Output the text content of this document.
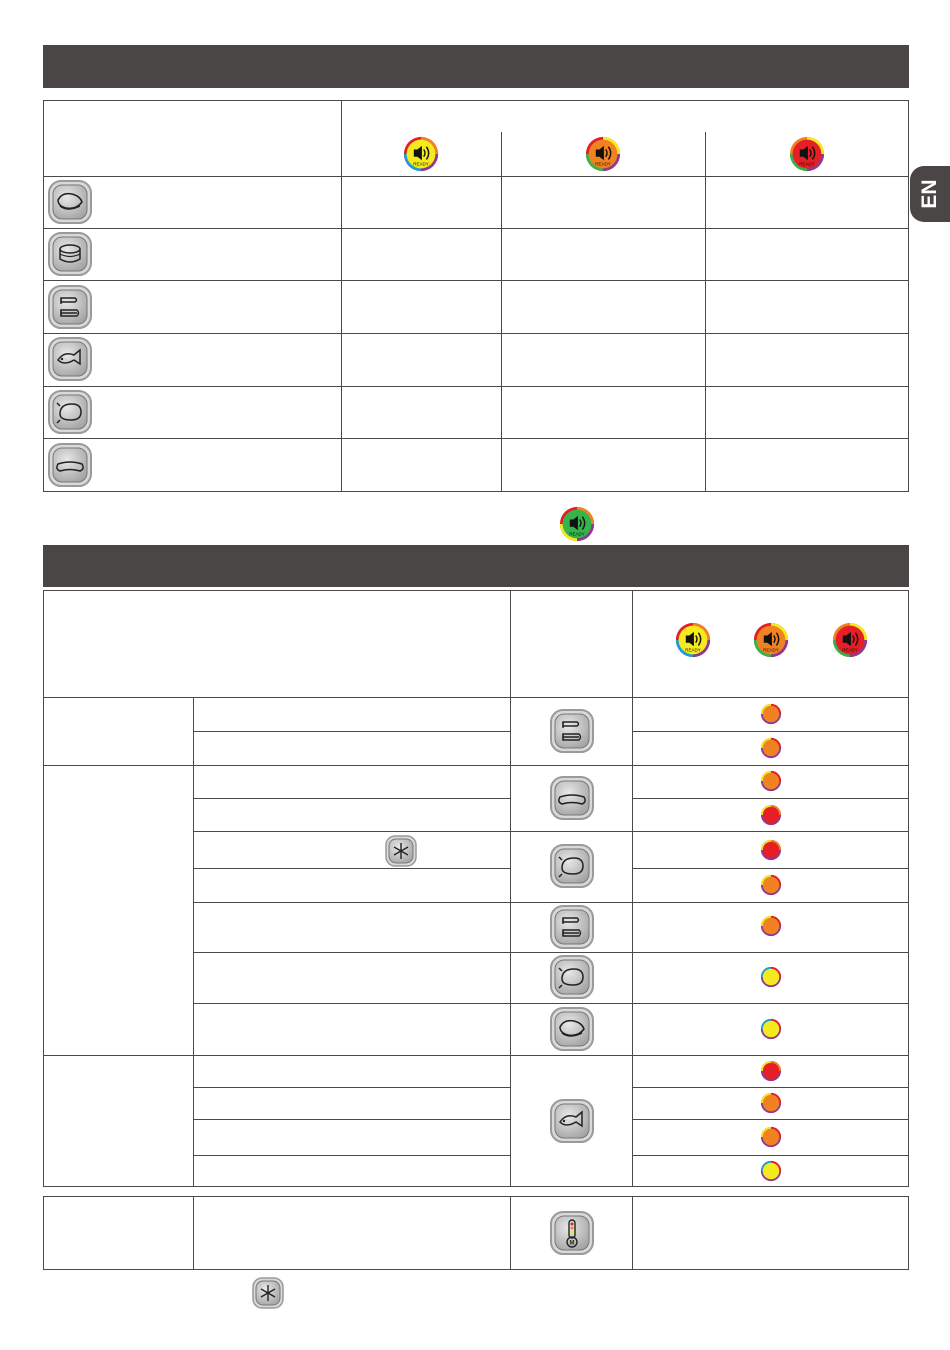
READY	READY	READY
READY
READY	READY	READY
M
EN
